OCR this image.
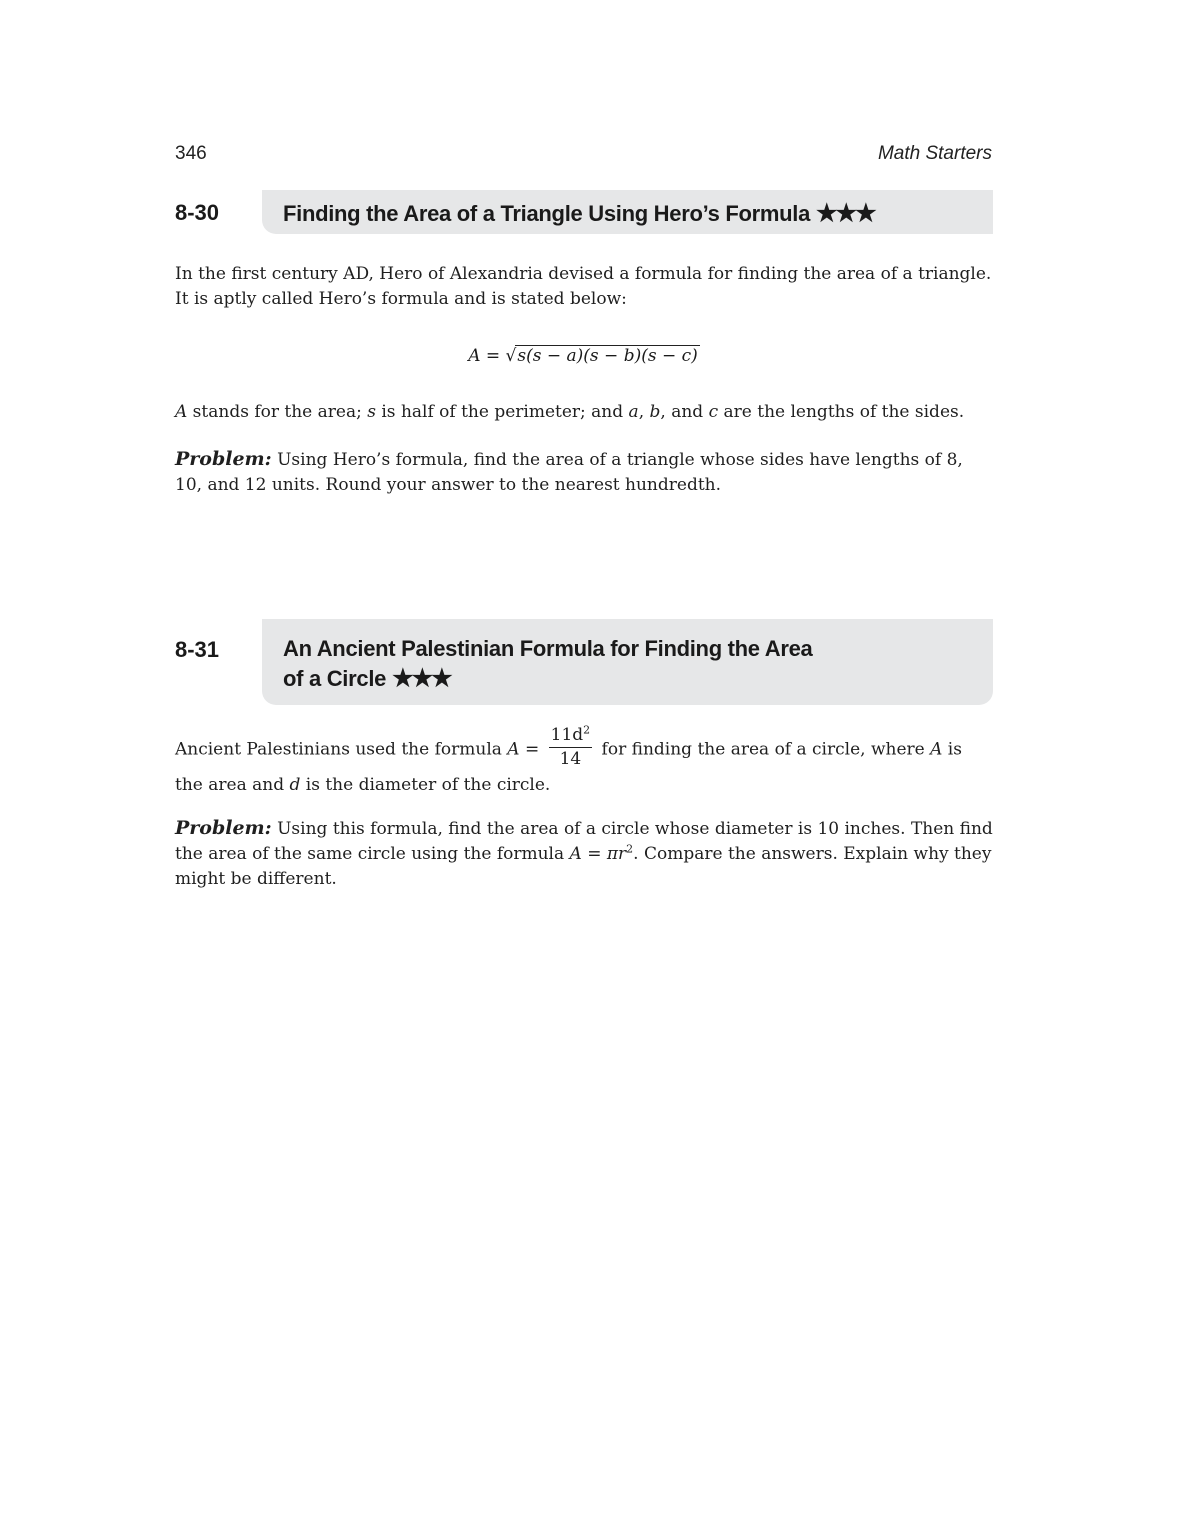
346	Math Starters
8-30	Finding the Area of a Triangle Using Hero’s Formula ★★★
In the first century AD, Hero of Alexandria devised a formula for finding the area of a triangle. It is aptly called Hero’s formula and is stated below:
A = √s(s − a)(s − b)(s − c)
A stands for the area; s is half of the perimeter; and a, b, and c are the lengths of the sides.
Problem: Using Hero’s formula, find the area of a triangle whose sides have lengths of 8, 10, and 12 units. Round your answer to the nearest hundredth.
8-31	An Ancient Palestinian Formula for Finding the Area
of a Circle ★★★
Ancient Palestinians used the formula $A = \frac{11d^2}{14}$ for finding the area of a circle, where A is the area and d is the diameter of the circle.
Problem: Using this formula, find the area of a circle whose diameter is 10 inches. Then find the area of the same circle using the formula $A = \pi r^2$. Compare the answers. Explain why they might be different.
